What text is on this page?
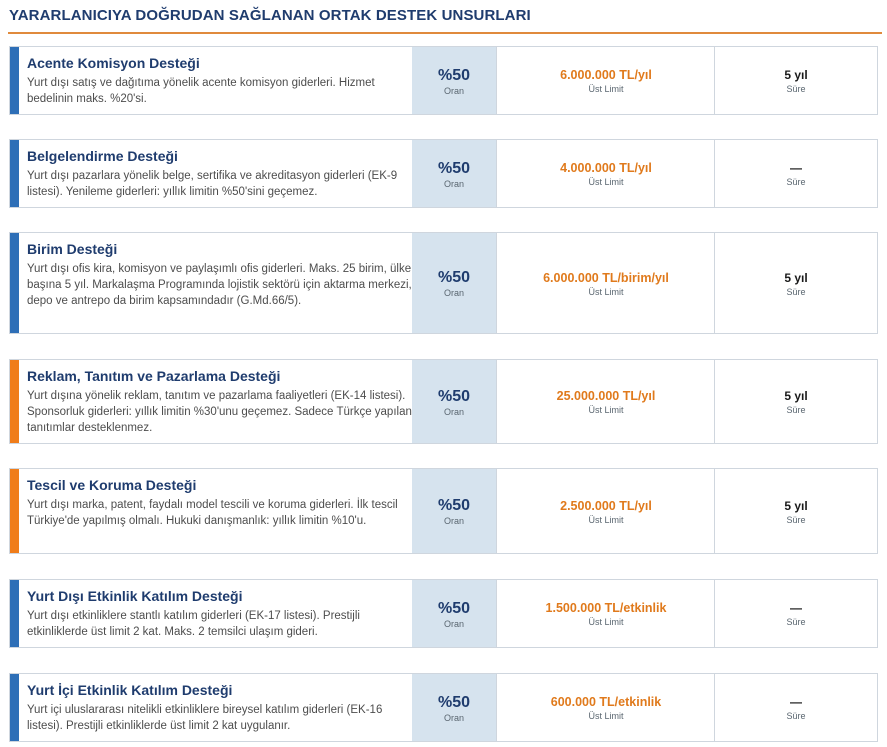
YARARLANICIYA DOĞRUDAN SAĞLANAN ORTAK DESTEK UNSURLARI
Acente Komisyon Desteği
Yurt dışı satış ve dağıtıma yönelik acente komisyon giderleri. Hizmet bedelinin maks. %20'si.
%50
Oran
6.000.000 TL/yıl
Üst Limit
5 yıl
Süre
Belgelendirme Desteği
Yurt dışı pazarlara yönelik belge, sertifika ve akreditasyon giderleri (EK-9 listesi). Yenileme giderleri: yıllık limitin %50'sini geçemez.
%50
Oran
4.000.000 TL/yıl
Üst Limit
—
Süre
Birim Desteği
Yurt dışı ofis kira, komisyon ve paylaşımlı ofis giderleri. Maks. 25 birim, ülke başına 5 yıl. Markalaşma Programında lojistik sektörü için aktarma merkezi, depo ve antrepo da birim kapsamındadır (G.Md.66/5).
%50
Oran
6.000.000 TL/birim/yıl
Üst Limit
5 yıl
Süre
Reklam, Tanıtım ve Pazarlama Desteği
Yurt dışına yönelik reklam, tanıtım ve pazarlama faaliyetleri (EK-14 listesi). Sponsorluk giderleri: yıllık limitin %30'unu geçemez. Sadece Türkçe yapılan tanıtımlar desteklenmez.
%50
Oran
25.000.000 TL/yıl
Üst Limit
5 yıl
Süre
Tescil ve Koruma Desteği
Yurt dışı marka, patent, faydalı model tescili ve koruma giderleri. İlk tescil Türkiye'de yapılmış olmalı. Hukuki danışmanlık: yıllık limitin %10'u.
%50
Oran
2.500.000 TL/yıl
Üst Limit
5 yıl
Süre
Yurt Dışı Etkinlik Katılım Desteği
Yurt dışı etkinliklere stantlı katılım giderleri (EK-17 listesi). Prestijli etkinliklerde üst limit 2 kat. Maks. 2 temsilci ulaşım gideri.
%50
Oran
1.500.000 TL/etkinlik
Üst Limit
—
Süre
Yurt İçi Etkinlik Katılım Desteği
Yurt içi uluslararası nitelikli etkinliklere bireysel katılım giderleri (EK-16 listesi). Prestijli etkinliklerde üst limit 2 kat uygulanır.
%50
Oran
600.000 TL/etkinlik
Üst Limit
—
Süre
